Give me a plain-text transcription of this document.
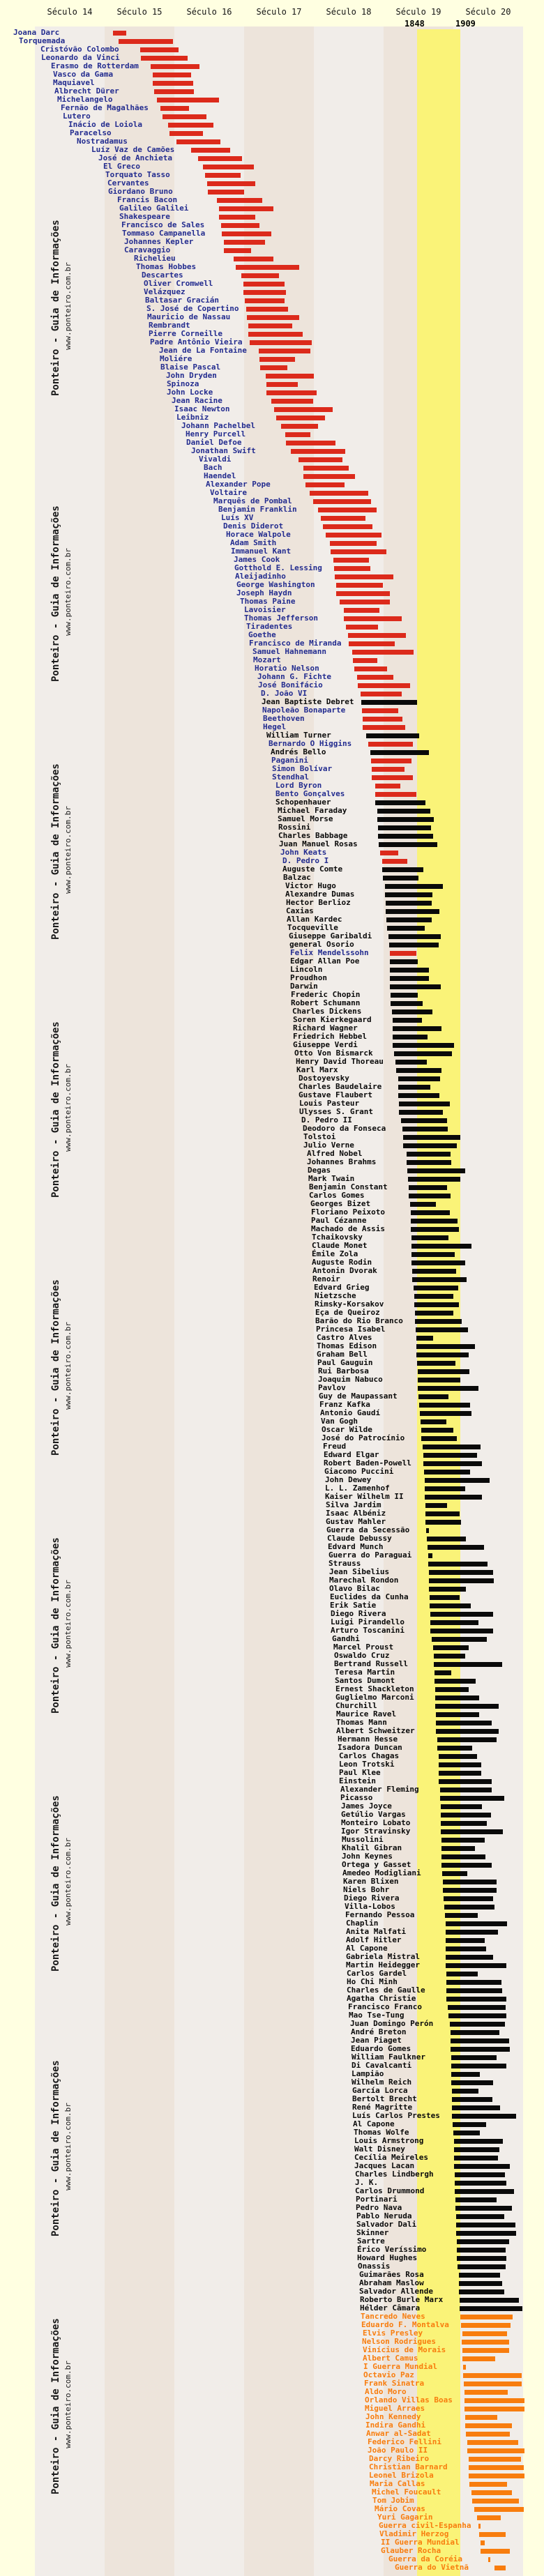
Século 14	Século 15	Século 16	Século 17	Século 18	Século 19	Século 20
1848	1909
Joana Darc
Torquemada
Cristóvão Colombo
Leonardo da Vinci
Erasmo de Rotterdam
Vasco da Gama
Maquiavel
Albrecht Dürer
Michelangelo
Fernão de Magalhães
Lutero
Inácio de Loiola
Paracelso
Nostradamus
Luíz Vaz de Camões
José de Anchieta
El Greco
Torquato Tasso
Cervantes
Giordano Bruno
Francis Bacon
Galileo Galilei
Shakespeare
Francisco de Sales
Tommaso Campanella
Johannes Kepler
Caravaggio
Richelieu
Thomas Hobbes
Descartes
Oliver Cromwell
Velázquez
Baltasar Gracián
S. José de Copertino
Mauricio de Nassau
Rembrandt
Pierre Corneille
Padre Antônio Vieira
Jean de La Fontaine
Moliére
Blaise Pascal
John Dryden
Spinoza
John Locke
Jean Racine
Isaac Newton
Leibniz
Johann Pachelbel
Henry Purcell
Daniel Defoe
Jonathan Swift
Vivaldi
Bach
Haendel
Alexander Pope
Voltaire
Marquês de Pombal
Benjamin Franklin
Luís XV
Denis Diderot
Horace Walpole
Adam Smith
Immanuel Kant
James Cook
Gotthold E. Lessing
Aleijadinho
George Washington
Joseph Haydn
Thomas Paine
Lavoisier
Thomas Jefferson
Tiradentes
Goethe
Francisco de Miranda
Samuel Hahnemann
Mozart
Horatio Nelson
Johann G. Fichte
José Bonifácio
D. João VI
Jean Baptiste Debret
Napoleão Bonaparte
Beethoven
Hegel
William Turner
Bernardo O Higgins
Andrés Bello
Paganini
Simon Bolívar
Stendhal
Lord Byron
Bento Gonçalves
Schopenhauer
Michael Faraday
Samuel Morse
Rossini
Charles Babbage
Juan Manuel Rosas
John Keats
D. Pedro I
Auguste Comte
Balzac
Victor Hugo
Alexandre Dumas
Hector Berlioz
Caxias
Allan Kardec
Tocqueville
Giuseppe Garibaldi
general Osorio
Felix Mendelssohn
Edgar Allan Poe
Lincoln
Proudhon
Darwin
Frederic Chopin
Robert Schumann
Charles Dickens
Soren Kierkegaard
Richard Wagner
Friedrich Hebbel
Giuseppe Verdi
Otto Von Bismarck
Henry David Thoreau
Karl Marx
Dostoyevsky
Charles Baudelaire
Gustave Flaubert
Louis Pasteur
Ulysses S. Grant
D. Pedro II
Deodoro da Fonseca
Tolstoi
Julio Verne
Alfred Nobel
Johannes Brahms
Degas
Mark Twain
Benjamin Constant
Carlos Gomes
Georges Bizet
Floriano Peixoto
Paul Cézanne
Machado de Assis
Tchaikovsky
Claude Monet
Émile Zola
Auguste Rodin
Antonin Dvorak
Renoir
Edvard Grieg
Nietzsche
Rimsky-Korsakov
Eça de Queiroz
Barão do Rio Branco
Princesa Isabel
Castro Alves
Thomas Edison
Graham Bell
Paul Gauguin
Rui Barbosa
Joaquim Nabuco
Pavlov
Guy de Maupassant
Franz Kafka
Antonio Gaudí
Van Gogh
Oscar Wilde
José do Patrocínio
Freud
Edward Elgar
Robert Baden-Powell
Giacomo Puccini
John Dewey
L. L. Zamenhof
Kaiser Wilhelm II
Silva Jardim
Isaac Albéniz
Gustav Mahler
Guerra da Secessão
Claude Debussy
Edvard Munch
Guerra do Paraguai
Strauss
Jean Sibelius
Marechal Rondon
Olavo Bilac
Euclides da Cunha
Erik Satie
Diego Rivera
Luigi Pirandello
Arturo Toscanini
Gandhi
Marcel Proust
Oswaldo Cruz
Bertrand Russell
Teresa Martin
Santos Dumont
Ernest Shackleton
Guglielmo Marconi
Churchill
Maurice Ravel
Thomas Mann
Albert Schweitzer
Hermann Hesse
Isadora Duncan
Carlos Chagas
Leon Trotski
Paul Klee
Einstein
Alexander Fleming
Picasso
James Joyce
Getúlio Vargas
Monteiro Lobato
Igor Stravinsky
Mussolini
Khalil Gibran
John Keynes
Ortega y Gasset
Amedeo Modigliani
Karen Blixen
Niels Bohr
Diego Rivera
Villa-Lobos
Fernando Pessoa
Chaplin
Anita Malfati
Adolf Hitler
Al Capone
Gabriela Mistral
Martin Heidegger
Carlos Gardel
Ho Chi Minh
Charles de Gaulle
Agatha Christie
Francisco Franco
Mao Tse-Tung
Juan Domingo Perón
André Breton
Jean Piaget
Eduardo Gomes
William Faulkner
Di Cavalcanti
Lampião
Wilhelm Reich
García Lorca
Bertolt Brecht
René Magritte
Luís Carlos Prestes
Al Capone
Thomas Wolfe
Louis Armstrong
Walt Disney
Cecília Meireles
Jacques Lacan
Charles Lindbergh
J. K.
Carlos Drummond
Portinari
Pedro Nava
Pablo Neruda
Salvador Dali
Skinner
Sartre
Érico Veríssimo
Howard Hughes
Onassis
Guimarães Rosa
Abraham Maslow
Salvador Allende
Roberto Burle Marx
Hélder Câmara
Tancredo Neves
Eduardo F. Montalva
Elvis Presley
Nelson Rodrigues
Vinícius de Morais
Albert Camus
I Guerra Mundial
Octavio Paz
Frank Sinatra
Aldo Moro
Orlando Villas Boas
Miguel Arraes
John Kennedy
Indira Gandhi
Anwar al-Sadat
Federico Fellini
João Paulo II
Darcy Ribeiro
Christian Barnard
Leonel Brizola
Maria Callas
Michel Foucault
Tom Jobim
Mário Covas
Yuri Gagarin
Guerra civil-Espanha
Vladimir Herzog
II Guerra Mundial
Glauber Rocha
Guerra da Coréia
Guerra do Vietnã
Ponteiro - Guia de Informações www.ponteiro.com.br
Ponteiro - Guia de Informações www.ponteiro.com.br
Ponteiro - Guia de Informações www.ponteiro.com.br
Ponteiro - Guia de Informações www.ponteiro.com.br
Ponteiro - Guia de Informações www.ponteiro.com.br
Ponteiro - Guia de Informações www.ponteiro.com.br
Ponteiro - Guia de Informações www.ponteiro.com.br
Ponteiro - Guia de Informações www.ponteiro.com.br
Ponteiro - Guia de Informações www.ponteiro.com.br
